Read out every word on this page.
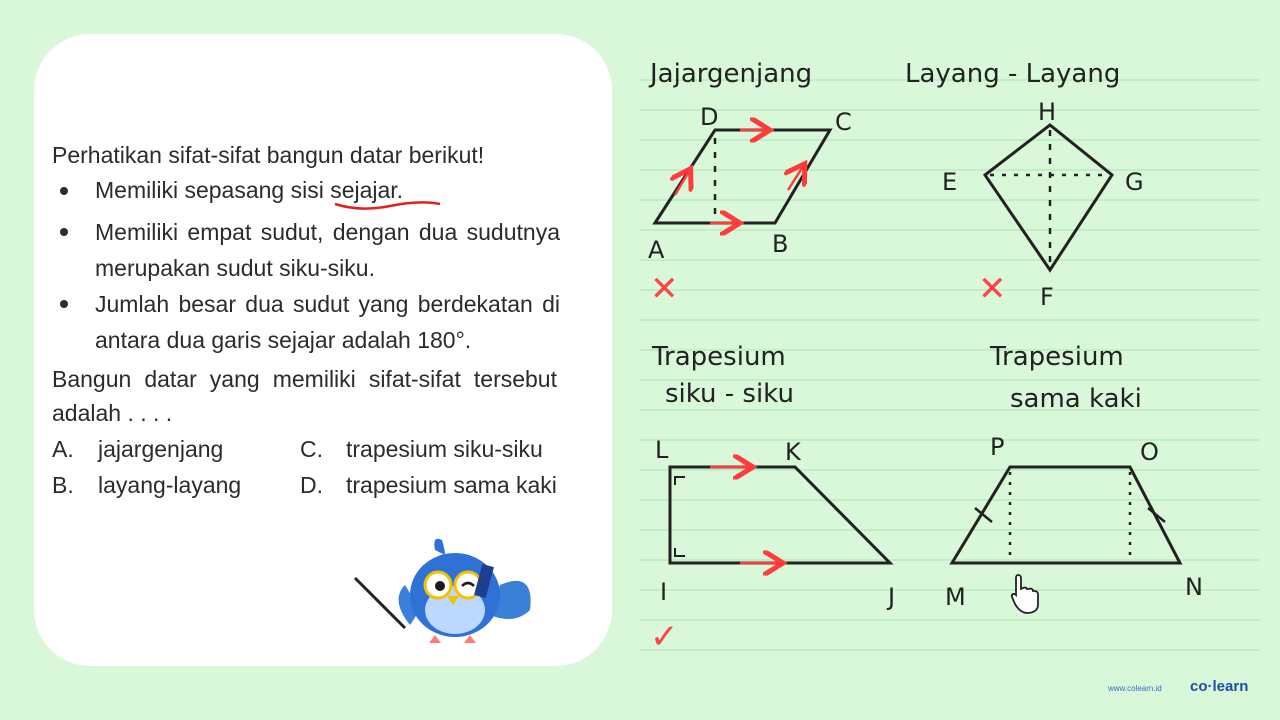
Perhatikan sifat-sifat bangun datar berikut!
Memiliki sepasang sisi sejajar.
Memiliki empat sudut, dengan dua sudutnya merupakan sudut siku-siku.
Jumlah besar dua sudut yang berdekatan di antara dua garis sejajar adalah 180°.
Bangun datar yang memiliki sifat-sifat tersebut adalah . . . .
A. jajargenjang
B. layang-layang
C. trapesium siku-siku
D. trapesium sama kaki
Jajargenjang
D	C
A	B
✕
Layang - Layang
H
E	G
F
✕
Trapesium
siku - siku
L	K
I	J
✓
Trapesium
sama kaki
P	O
M	N
www.colearn.id co·learn
